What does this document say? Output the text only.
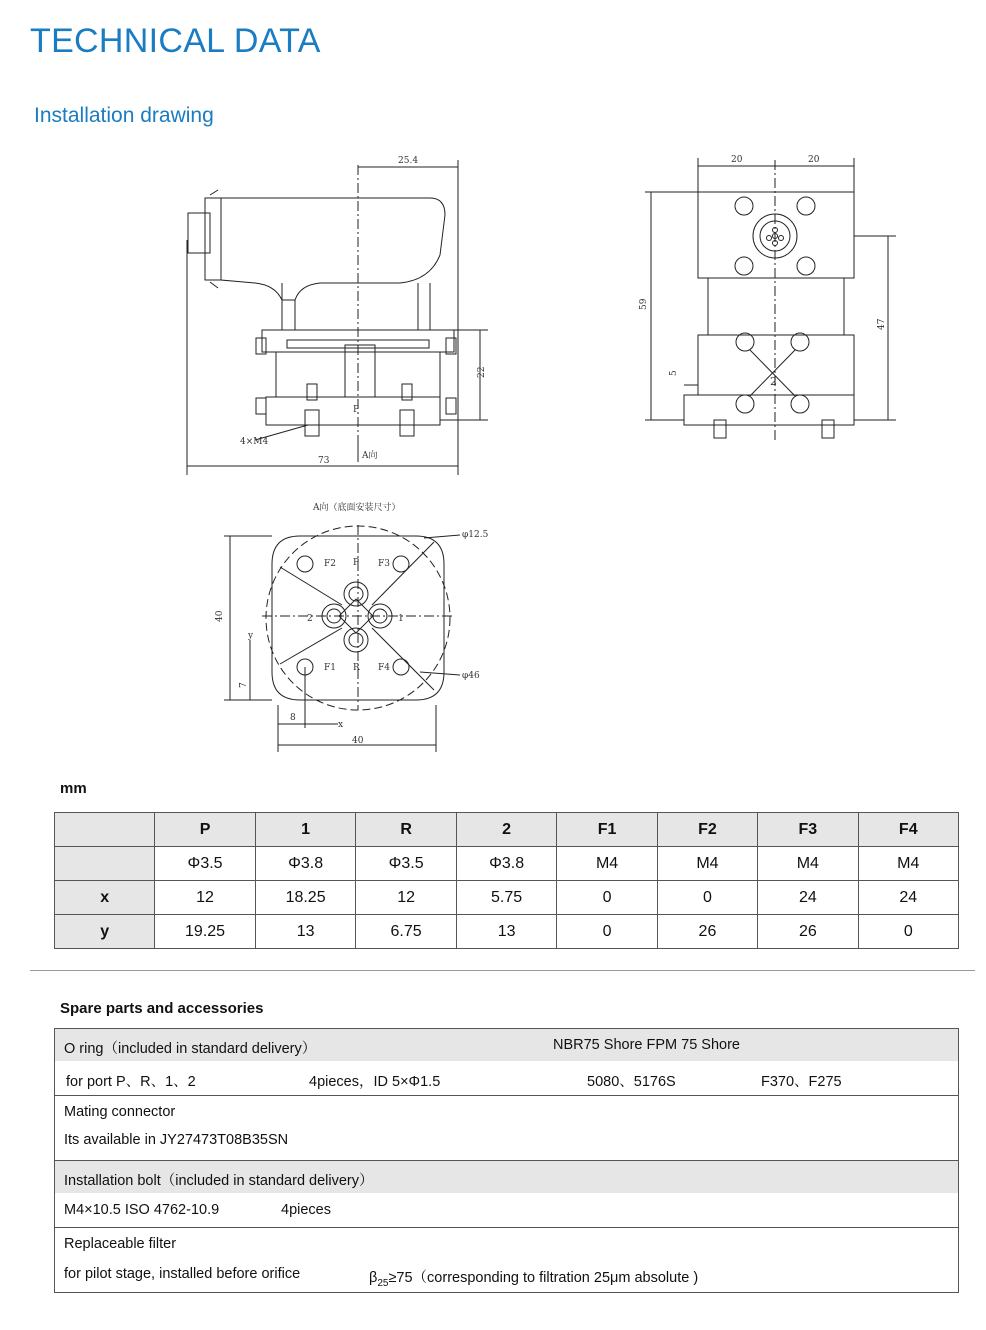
TECHNICAL DATA
Installation drawing
25.4
73
22
4×M4
A向
P
20	20
59
47
5
2
A向（底面安装尺寸）
φ12.5
φ46
40
40
7
8
y
x
F2	F3
F1	F4
P
R
2	1
mm
	P	1	R	2	F1	F2	F3	F4
	Φ3.5	Φ3.8	Φ3.5	Φ3.8	M4	M4	M4	M4
x	12	18.25	12	5.75	0	0	24	24
y	19.25	13	6.75	13	0	26	26	0
Spare parts and accessories
O ring（included in standard delivery）	NBR75 Shore FPM 75 Shore
for port P、R、1、2	4pieces，ID 5×Φ1.5	5080、5176S	F370、F275
Mating connector
Its available in JY27473T08B35SN
Installation bolt（included in standard delivery）
M4×10.5 ISO 4762-10.9	4pieces
Replaceable filter
for pilot stage, installed before orifice	$\beta_{25}\ge 75(corresponding$ to filtration 25μm absolute )
